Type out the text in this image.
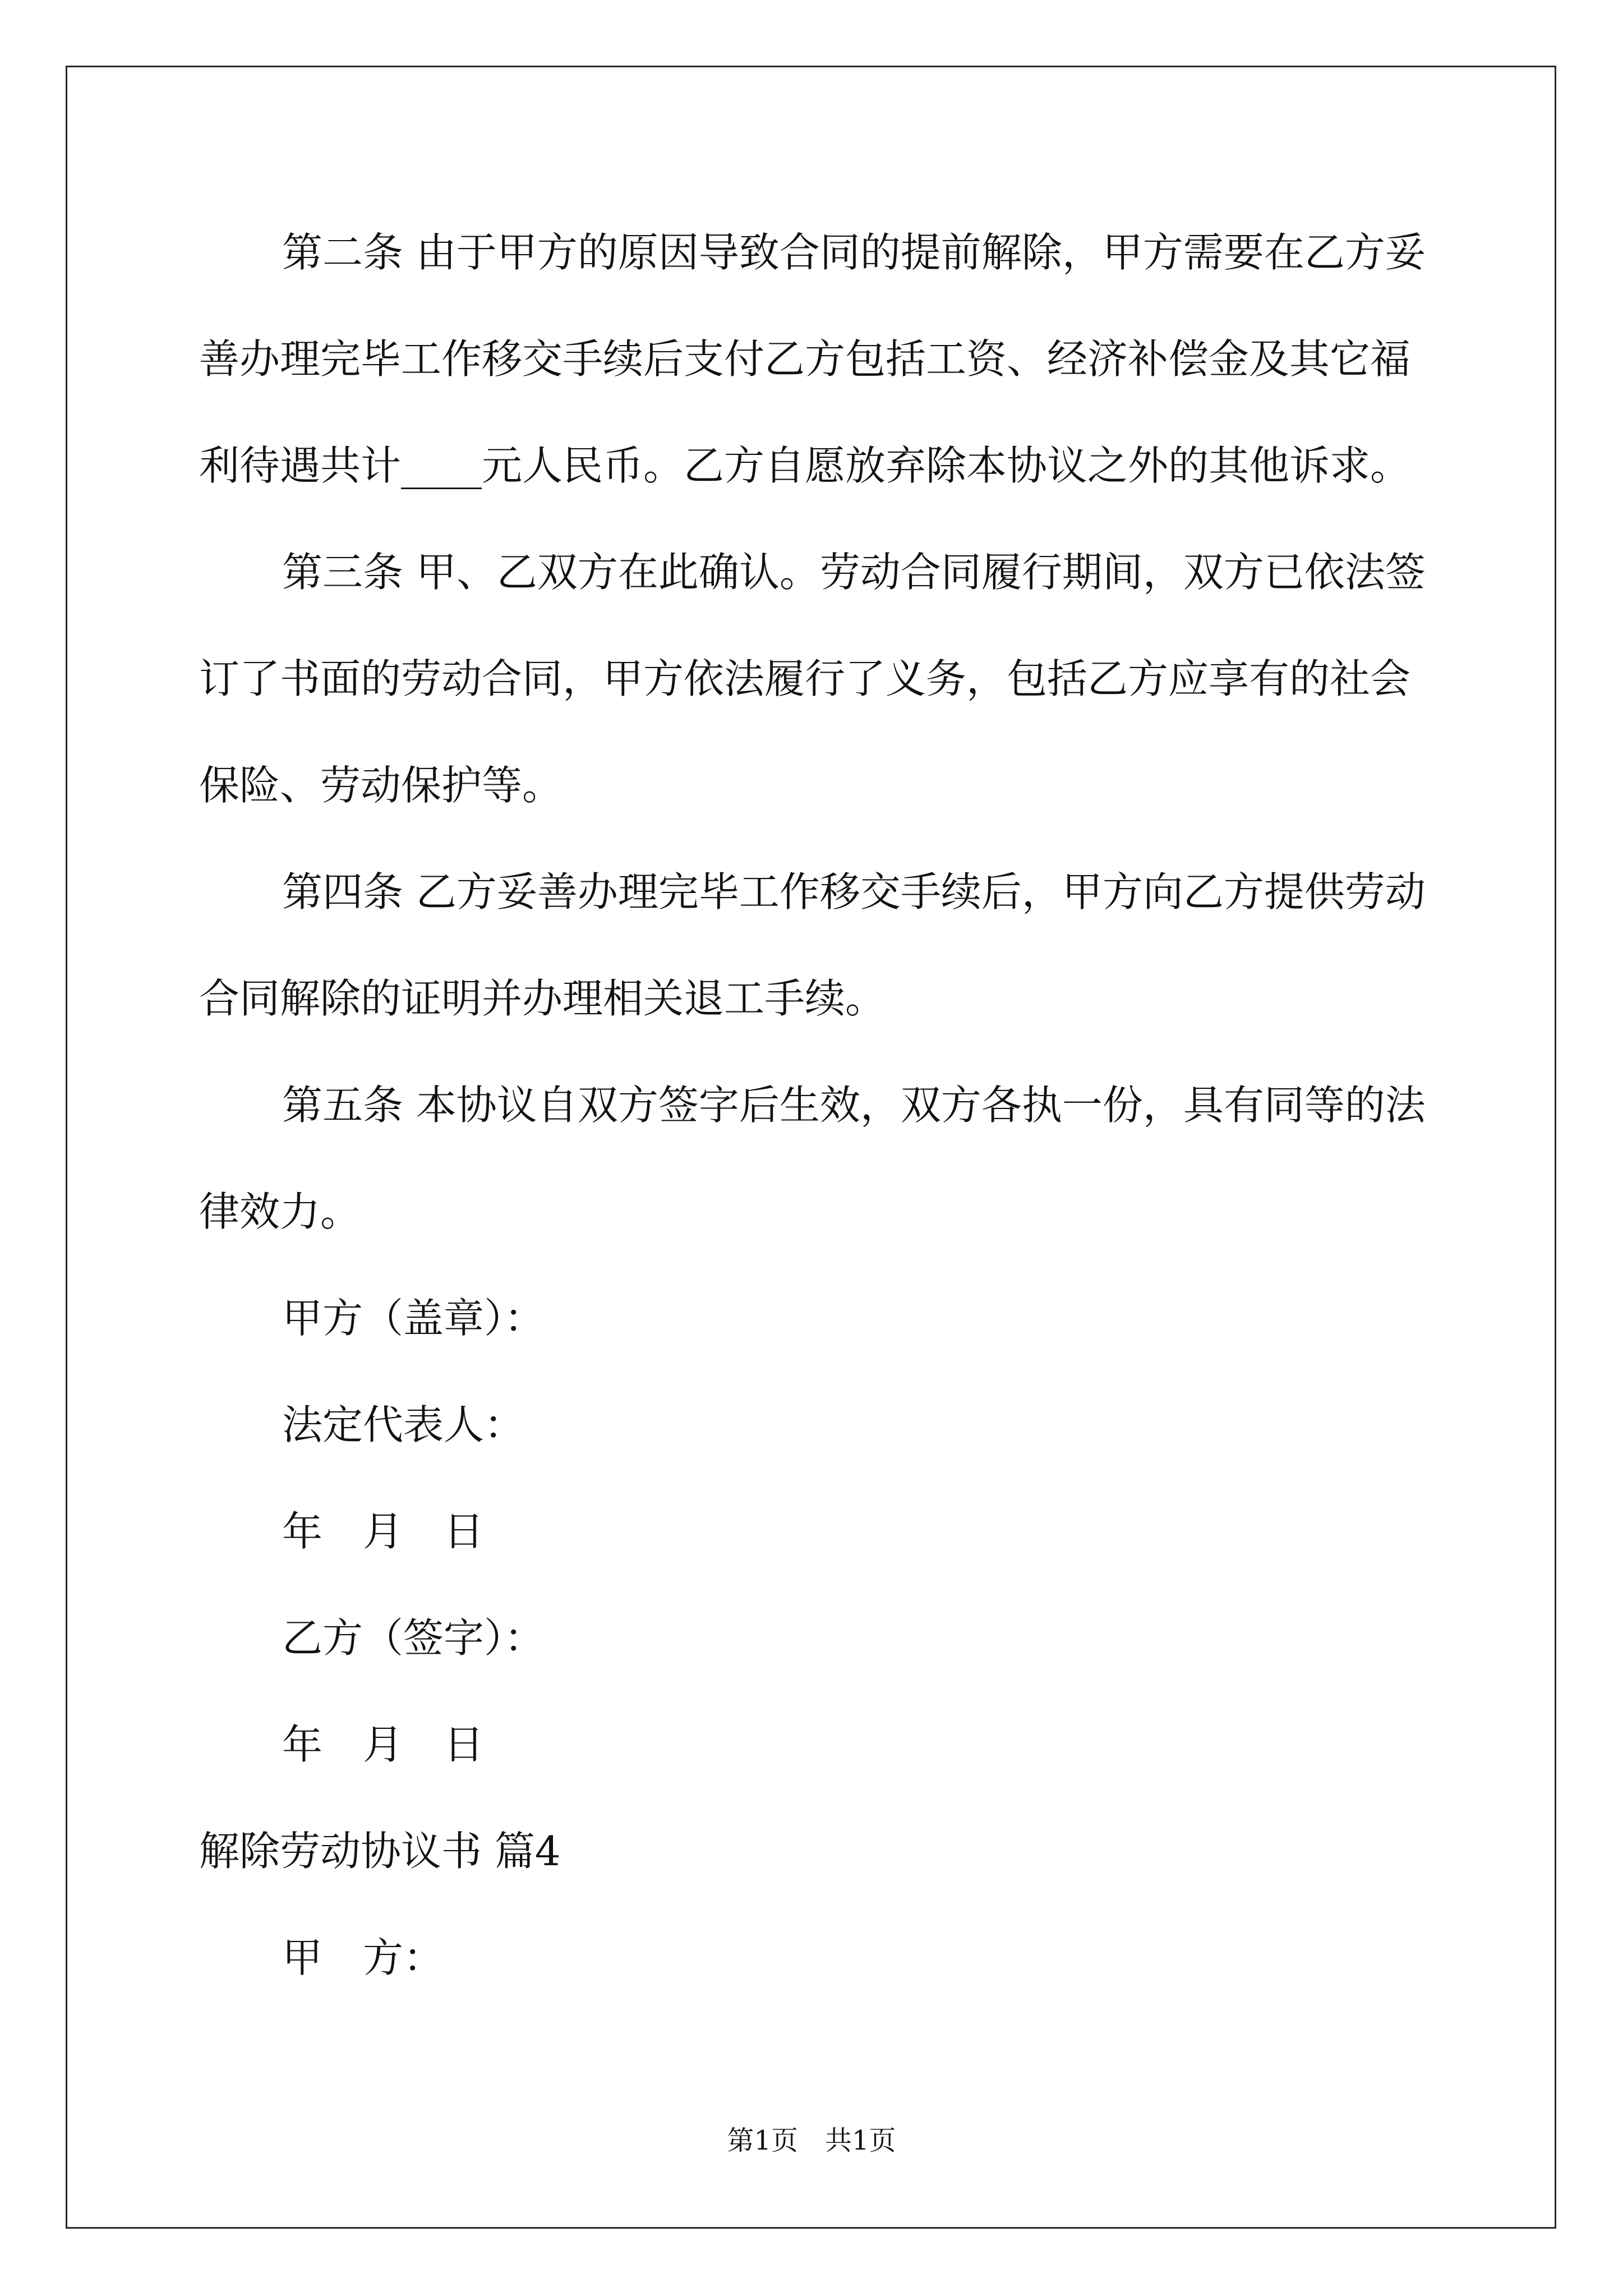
第二条 由于甲方的原因导致合同的提前解除，甲方需要在乙方妥
善办理完毕工作移交手续后支付乙方包括工资、经济补偿金及其它福
利待遇共计____元人民币。乙方自愿放弃除本协议之外的其他诉求。
第三条 甲、乙双方在此确认。劳动合同履行期间，双方已依法签
订了书面的劳动合同，甲方依法履行了义务，包括乙方应享有的社会
保险、劳动保护等。
第四条 乙方妥善办理完毕工作移交手续后，甲方向乙方提供劳动
合同解除的证明并办理相关退工手续。
第五条 本协议自双方签字后生效，双方各执一份，具有同等的法
律效力。
甲方（盖章）：
法定代表人：
年　月　日
乙方（签字）：
年　月　日
解除劳动协议书 篇4
甲　方：
第1页　共1页
